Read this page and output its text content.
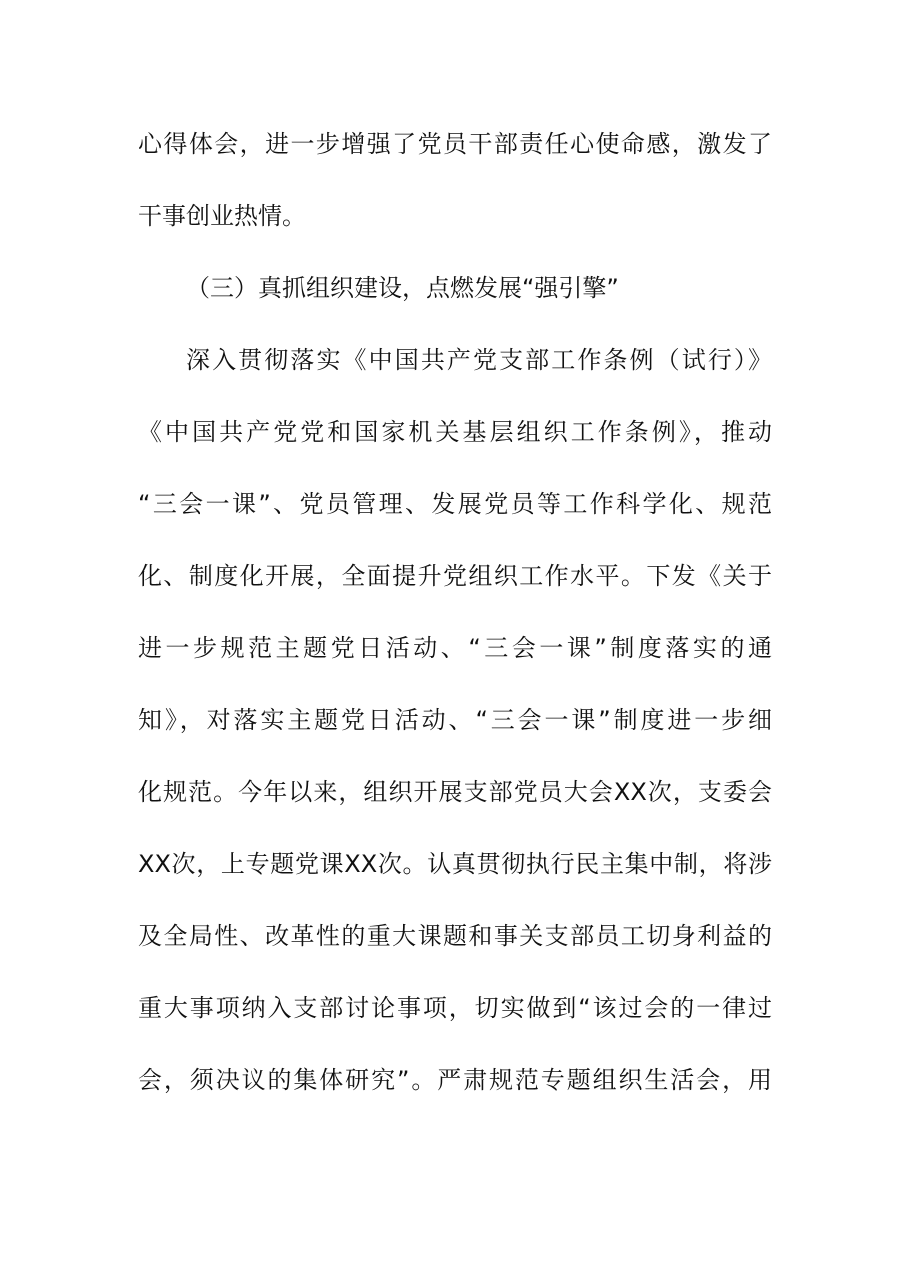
心得体会，进一步增强了党员干部责任心使命感，激发了
干事创业热情。
（三）真抓组织建设，点燃发展“强引擎”
深入贯彻落实《中国共产党支部工作条例（试行）》
《中国共产党党和国家机关基层组织工作条例》，推动
“三会一课”、党员管理、发展党员等工作科学化、规范
化、制度化开展，全面提升党组织工作水平。下发《关于
进一步规范主题党日活动、“三会一课”制度落实的通
知》，对落实主题党日活动、“三会一课”制度进一步细
化规范。今年以来，组织开展支部党员大会XX次，支委会
XX次，上专题党课XX次。认真贯彻执行民主集中制，将涉
及全局性、改革性的重大课题和事关支部员工切身利益的
重大事项纳入支部讨论事项，切实做到“该过会的一律过
会，须决议的集体研究”。严肃规范专题组织生活会，用
